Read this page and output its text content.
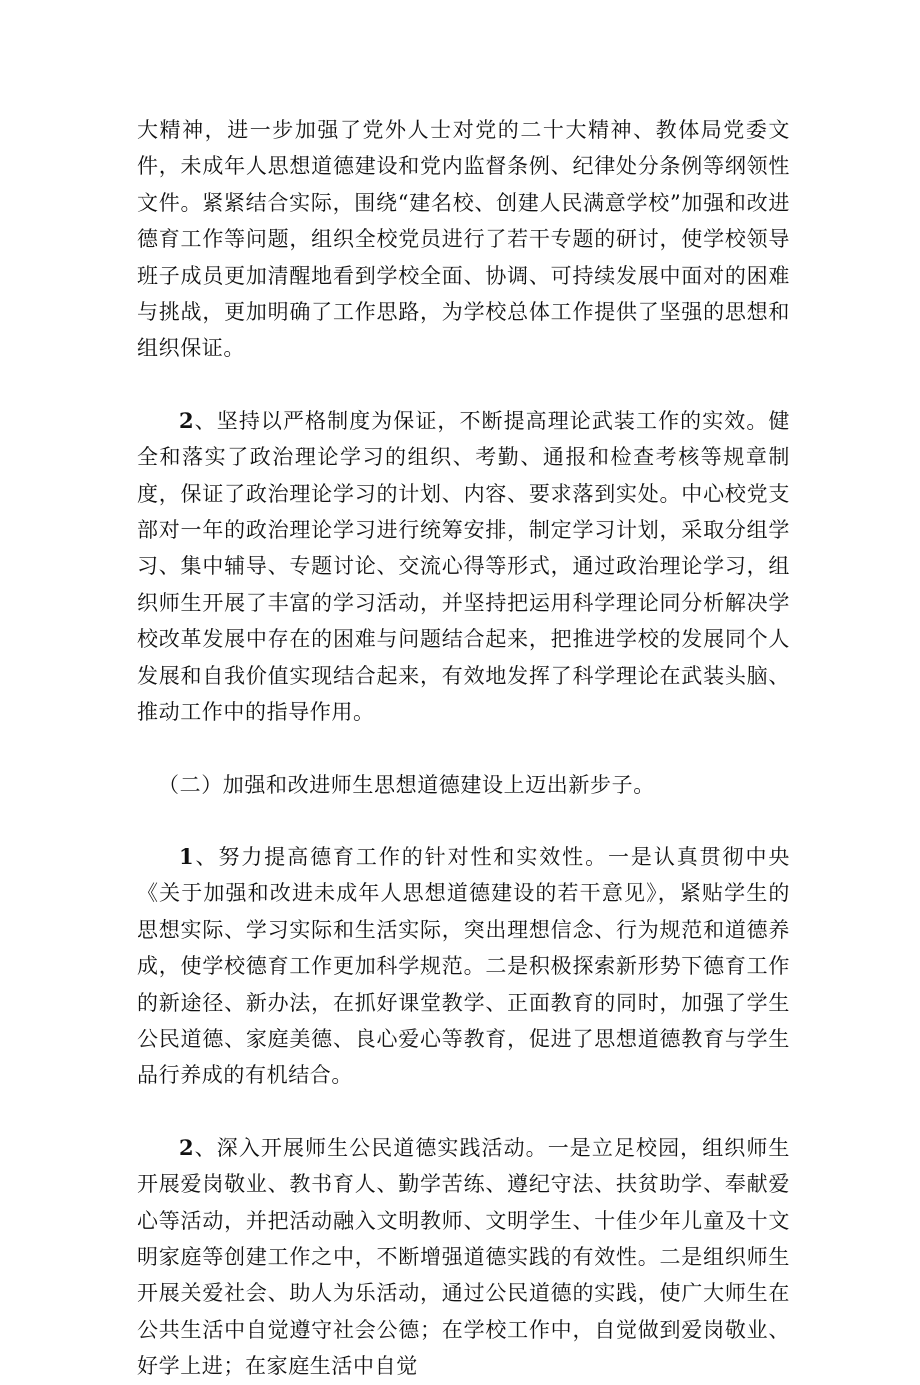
大精神，进一步加强了党外人士对党的二十大精神、教体局党委文件，未成年人思想道德建设和党内监督条例、纪律处分条例等纲领性文件。紧紧结合实际，围绕“建名校、创建人民满意学校”加强和改进德育工作等问题，组织全校党员进行了若干专题的研讨，使学校领导班子成员更加清醒地看到学校全面、协调、可持续发展中面对的困难与挑战，更加明确了工作思路，为学校总体工作提供了坚强的思想和组织保证。

2、坚持以严格制度为保证，不断提高理论武装工作的实效。健全和落实了政治理论学习的组织、考勤、通报和检查考核等规章制度，保证了政治理论学习的计划、内容、要求落到实处。中心校党支部对一年的政治理论学习进行统筹安排，制定学习计划，采取分组学习、集中辅导、专题讨论、交流心得等形式，通过政治理论学习，组织师生开展了丰富的学习活动，并坚持把运用科学理论同分析解决学校改革发展中存在的困难与问题结合起来，把推进学校的发展同个人发展和自我价值实现结合起来，有效地发挥了科学理论在武装头脑、推动工作中的指导作用。

（二）加强和改进师生思想道德建设上迈出新步子。

1、努力提高德育工作的针对性和实效性。一是认真贯彻中央《关于加强和改进未成年人思想道德建设的若干意见》，紧贴学生的思想实际、学习实际和生活实际，突出理想信念、行为规范和道德养成，使学校德育工作更加科学规范。二是积极探索新形势下德育工作的新途径、新办法，在抓好课堂教学、正面教育的同时，加强了学生公民道德、家庭美德、良心爱心等教育，促进了思想道德教育与学生品行养成的有机结合。

2、深入开展师生公民道德实践活动。一是立足校园，组织师生开展爱岗敬业、教书育人、勤学苦练、遵纪守法、扶贫助学、奉献爱心等活动，并把活动融入文明教师、文明学生、十佳少年儿童及十文明家庭等创建工作之中，不断增强道德实践的有效性。二是组织师生开展关爱社会、助人为乐活动，通过公民道德的实践，使广大师生在公共生活中自觉遵守社会公德；在学校工作中，自觉做到爱岗敬业、好学上进；在家庭生活中自觉
